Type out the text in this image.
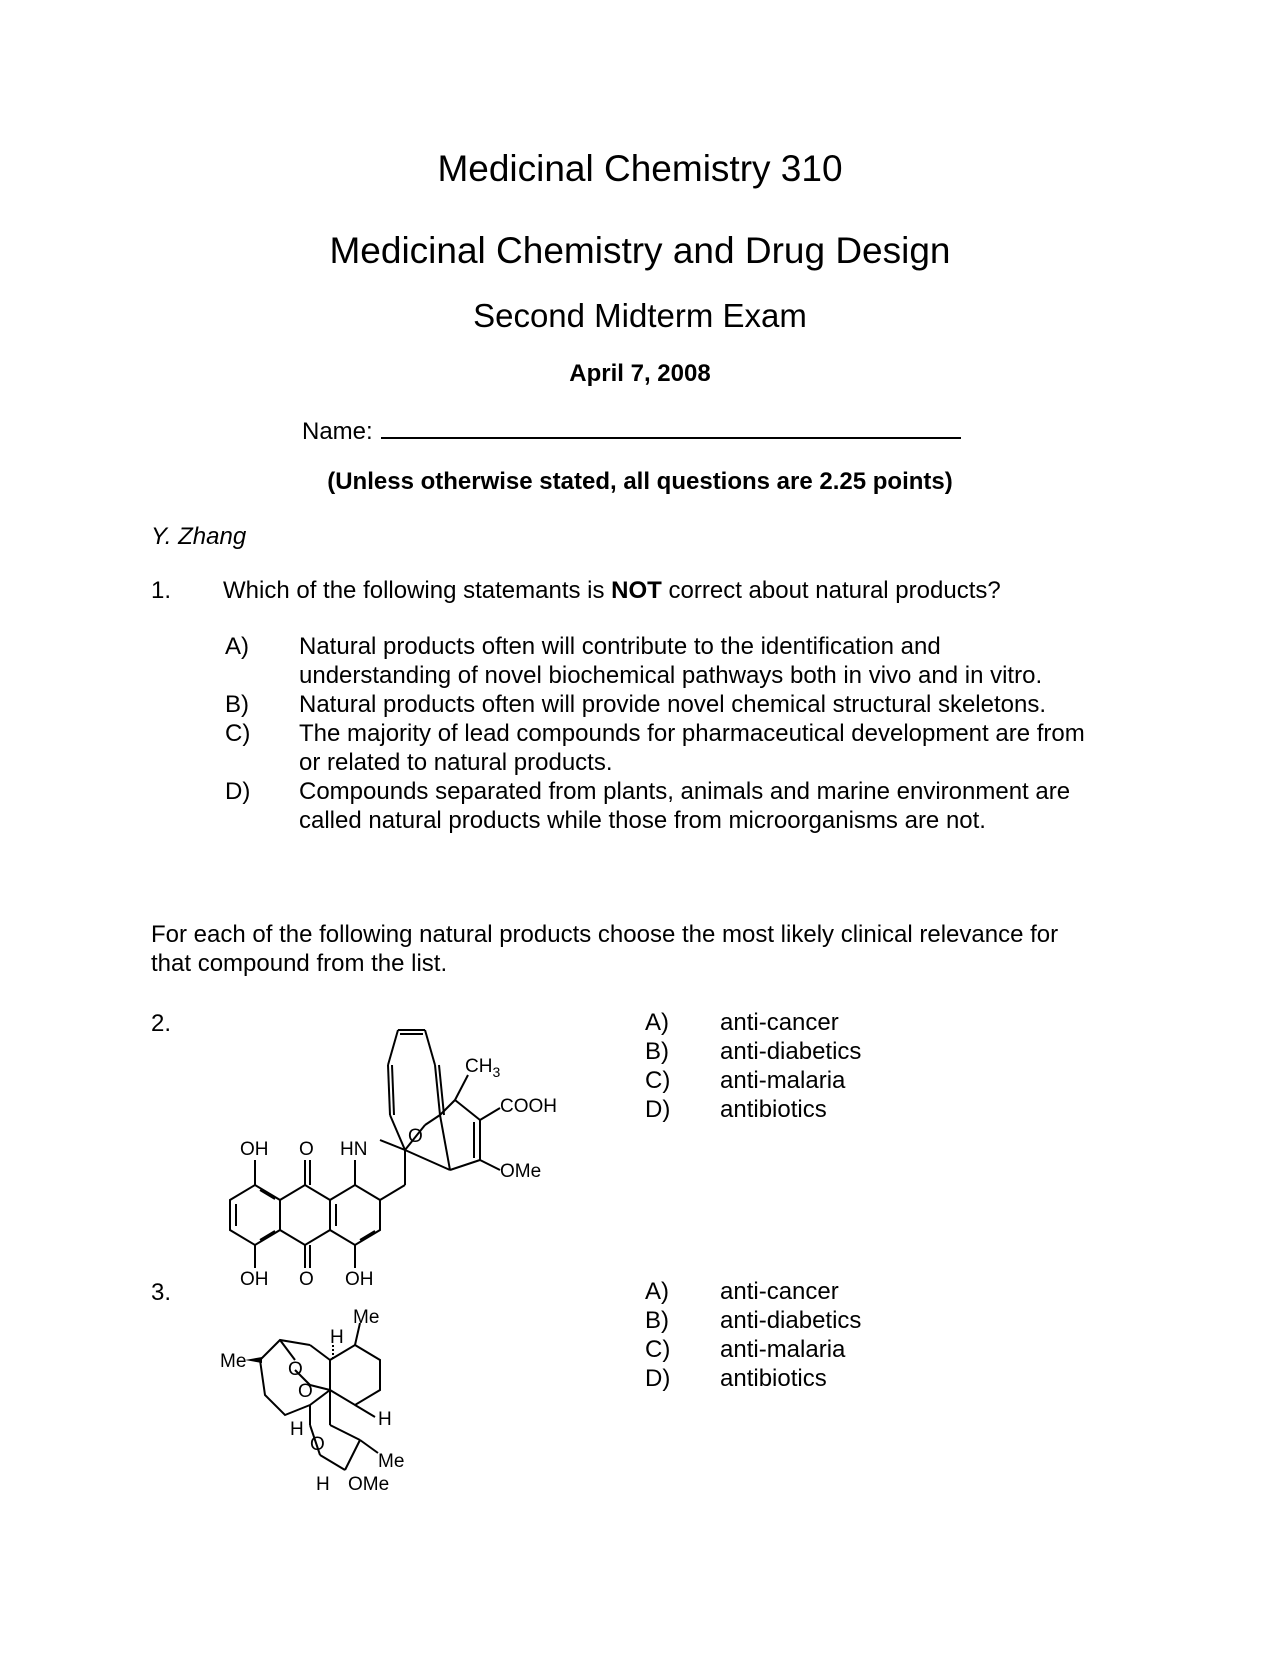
Medicinal Chemistry 310
Medicinal Chemistry and Drug Design
Second Midterm Exam
April 7, 2008
Name:
(Unless otherwise stated, all questions are 2.25 points)
Y. Zhang
1. Which of the following statemants is NOT correct about natural products?
A) Natural products often will contribute to the identification and
understanding of novel biochemical pathways both in vivo and in vitro.
B) Natural products often will provide novel chemical structural skeletons.
C) The majority of lead compounds for pharmaceutical development are from
or related to natural products.
D) Compounds separated from plants, animals and marine environment are
called natural products while those from microorganisms are not.
For each of the following natural products choose the most likely clinical relevance for
that compound from the list.
2.
$CH_3$
COOH
OMe
OH O HN
O
OH O OH
A) anti-cancer
B) anti-diabetics
C) anti-malaria
D) antibiotics
3.
Me
H
Me O
O
H
H
O
Me
H OMe
A) anti-cancer
B) anti-diabetics
C) anti-malaria
D) antibiotics
